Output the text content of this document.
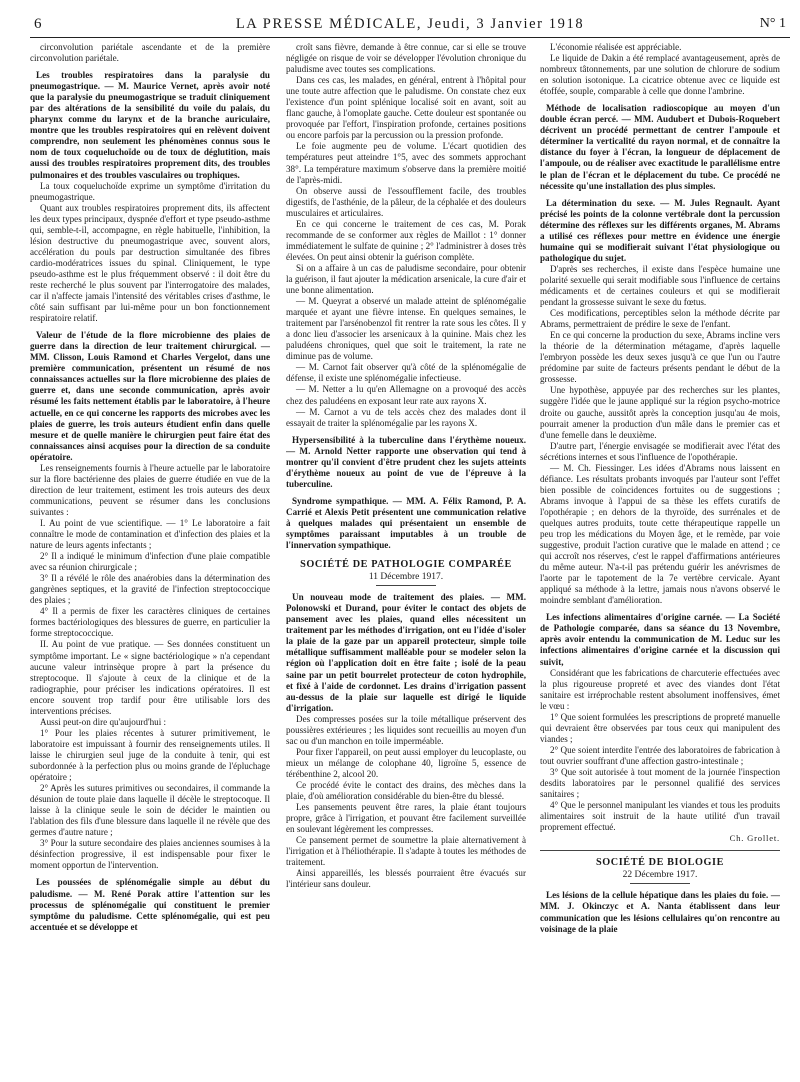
6	LA PRESSE MÉDICALE, Jeudi, 3 Janvier 1918	N° 1

circonvolution pariétale ascendante et de la première circonvolution pariétale.

Les troubles respiratoires dans la paralysie du pneumogastrique. — M. Maurice Vernet, après avoir noté que la paralysie du pneumogastrique se traduit cliniquement par des altérations de la sensibilité du voile du palais, du pharynx comme du larynx et de la branche auriculaire, montre que les troubles respiratoires qui en relèvent doivent comprendre, non seulement les phénomènes connus sous le nom de toux coqueluchoïde ou de toux de déglutition, mais aussi des troubles respiratoires proprement dits, des troubles pulmonaires et des troubles vasculaires ou trophiques.

La toux coqueluchoïde exprime un symptôme d'irritation du pneumogastrique.

Quant aux troubles respiratoires proprement dits, ils affectent les deux types principaux, dyspnée d'effort et type pseudo-asthme qui, semble-t-il, accompagne, en règle habituelle, l'inhibition, la lésion destructive du pneumogastrique avec, souvent alors, accélération du pouls par destruction simultanée des fibres cardio-modératrices issues du spinal. Cliniquement, le type pseudo-asthme est le plus fréquemment observé : il doit être du reste recherché le plus souvent par l'interrogatoire des malades, car il n'affecte jamais l'intensité des véritables crises d'asthme, le côté sain suffisant par lui-même pour un bon fonctionnement respiratoire relatif.

Valeur de l'étude de la flore microbienne des plaies de guerre dans la direction de leur traitement chirurgical. — MM. Clisson, Louis Ramond et Charles Vergelot, dans une première communication, présentent un résumé de nos connaissances actuelles sur la flore microbienne des plaies de guerre et, dans une seconde communication, après avoir résumé les faits nettement établis par le laboratoire, à l'heure actuelle, en ce qui concerne les rapports des microbes avec les plaies de guerre, les trois auteurs étudient enfin dans quelle mesure et de quelle manière le chirurgien peut faire état des connaissances ainsi acquises pour la direction de sa conduite opératoire.

Les renseignements fournis à l'heure actuelle par le laboratoire sur la flore bactérienne des plaies de guerre étudiée en vue de la direction de leur traitement, estiment les trois auteurs des deux communications, peuvent se résumer dans les conclusions suivantes :

I. Au point de vue scientifique. — 1° Le laboratoire a fait connaître le mode de contamination et d'infection des plaies et la nature de leurs agents infectants ;

2° Il a indiqué le minimum d'infection d'une plaie compatible avec sa réunion chirurgicale ;

3° Il a révélé le rôle des anaérobies dans la détermination des gangrènes septiques, et la gravité de l'infection streptococcique des plaies ;

4° Il a permis de fixer les caractères cliniques de certaines formes bactériologiques des blessures de guerre, en particulier la forme streptococcique.

II. Au point de vue pratique. — Ses données constituent un symptôme important. Le « signe bactériologique » n'a cependant aucune valeur intrinsèque propre à part la présence du streptocoque. Il s'ajoute à ceux de la clinique et de la radiographie, pour préciser les indications opératoires. Il est encore souvent trop tardif pour être utilisable lors des interventions précises.

Aussi peut-on dire qu'aujourd'hui :

1° Pour les plaies récentes à suturer primitivement, le laboratoire est impuissant à fournir des renseignements utiles. Il laisse le chirurgien seul juge de la conduite à tenir, qui est subordonnée à la perfection plus ou moins grande de l'épluchage opératoire ;

2° Après les sutures primitives ou secondaires, il commande la désunion de toute plaie dans laquelle il décèle le streptocoque. Il laisse à la clinique seule le soin de décider le maintien ou l'ablation des fils d'une blessure dans laquelle il ne révèle que des germes d'autre nature ;

3° Pour la suture secondaire des plaies anciennes soumises à la désinfection progressive, il est indispensable pour fixer le moment opportun de l'intervention.

Les poussées de splénomégalie simple au début du paludisme. — M. René Porak attire l'attention sur les processus de splénomégalie qui constituent le premier symptôme du paludisme. Cette splénomégalie, qui est peu accentuée et se développe et

croît sans fièvre, demande à être connue, car si elle se trouve négligée on risque de voir se développer l'évolution chronique du paludisme avec toutes ses complications.

Dans ces cas, les malades, en général, entrent à l'hôpital pour une toute autre affection que le paludisme. On constate chez eux l'existence d'un point splénique localisé soit en avant, soit au flanc gauche, à l'omoplate gauche. Cette douleur est spontanée ou provoquée par l'effort, l'inspiration profonde, certaines positions ou encore parfois par la percussion ou la pression profonde.

Le foie augmente peu de volume. L'écart quotidien des températures peut atteindre 1°5, avec des sommets approchant 38°. La température maximum s'observe dans la première moitié de l'après-midi.

On observe aussi de l'essoufflement facile, des troubles digestifs, de l'asthénie, de la pâleur, de la céphalée et des douleurs musculaires et articulaires.

En ce qui concerne le traitement de ces cas, M. Porak recommande de se conformer aux règles de Maillot : 1° donner immédiatement le sulfate de quinine ; 2° l'administrer à doses très élevées. On peut ainsi obtenir la guérison complète.

Si on a affaire à un cas de paludisme secondaire, pour obtenir la guérison, il faut ajouter la médication arsenicale, la cure d'air et une bonne alimentation.

— M. Queyrat a observé un malade atteint de splénomégalie marquée et ayant une fièvre intense. En quelques semaines, le traitement par l'arsénobenzol fit rentrer la rate sous les côtes. Il y a donc lieu d'associer les arsenicaux à la quinine. Mais chez les paludéens chroniques, quel que soit le traitement, la rate ne diminue pas de volume.

— M. Carnot fait observer qu'à côté de la splénomégalie de défense, il existe une splénomégalie infectieuse.

— M. Netter a lu qu'en Allemagne on a provoqué des accès chez des paludéens en exposant leur rate aux rayons X.

— M. Carnot a vu de tels accès chez des malades dont il essayait de traiter la splénomégalie par les rayons X.

Hypersensibilité à la tuberculine dans l'érythème noueux. — M. Arnold Netter rapporte une observation qui tend à montrer qu'il convient d'être prudent chez les sujets atteints d'érythème noueux au point de vue de l'épreuve à la tuberculine.

Syndrome sympathique. — MM. A. Félix Ramond, P. A. Carrié et Alexis Petit présentent une communication relative à quelques malades qui présentaient un ensemble de symptômes paraissant imputables à un trouble de l'innervation sympathique.

SOCIÉTÉ DE PATHOLOGIE COMPARÉE
11 Décembre 1917.

Un nouveau mode de traitement des plaies. — MM. Polonowski et Durand, pour éviter le contact des objets de pansement avec les plaies, quand elles nécessitent un traitement par les méthodes d'irrigation, ont eu l'idée d'isoler la plaie de la gaze par un appareil protecteur, simple toile métallique suffisamment malléable pour se modeler selon la région où l'application doit en être faite ; isolé de la peau saine par un petit bourrelet protecteur de coton hydrophile, et fixé à l'aide de cordonnet. Les drains d'irrigation passent au-dessus de la plaie sur laquelle est dirigé le liquide d'irrigation.

Des compresses posées sur la toile métallique préservent des poussières extérieures ; les liquides sont recueillis au moyen d'un sac ou d'un manchon en toile imperméable.

Pour fixer l'appareil, on peut aussi employer du leucoplaste, ou mieux un mélange de colophane 40, ligroïne 5, essence de térébenthine 2, alcool 20.

Ce procédé évite le contact des drains, des mèches dans la plaie, d'où amélioration considérable du bien-être du blessé.

Les pansements peuvent être rares, la plaie étant toujours propre, grâce à l'irrigation, et pouvant être facilement surveillée en soulevant légèrement les compresses.

Ce pansement permet de soumettre la plaie alternativement à l'irrigation et à l'héliothérapie. Il s'adapte à toutes les méthodes de traitement.

Ainsi appareillés, les blessés pourraient être évacués sur l'intérieur sans douleur.

L'économie réalisée est appréciable.

Le liquide de Dakin a été remplacé avantageusement, après de nombreux tâtonnements, par une solution de chlorure de sodium en solution isotonique. La cicatrice obtenue avec ce liquide est étoffée, souple, comparable à celle que donne l'ambrine.

Méthode de localisation radioscopique au moyen d'un double écran percé. — MM. Audubert et Dubois-Roquebert décrivent un procédé permettant de centrer l'ampoule et déterminer la verticalité du rayon normal, et de connaître la distance du foyer à l'écran, la longueur de déplacement de l'ampoule, ou de réaliser avec exactitude le parallélisme entre le plan de l'écran et le déplacement du tube. Ce procédé ne nécessite qu'une installation des plus simples.

La détermination du sexe. — M. Jules Regnault. Ayant précisé les points de la colonne vertébrale dont la percussion détermine des réflexes sur les différents organes, M. Abrams a utilisé ces réflexes pour mettre en évidence une énergie humaine qui se modifierait suivant l'état physiologique ou pathologique du sujet.

D'après ses recherches, il existe dans l'espèce humaine une polarité sexuelle qui serait modifiable sous l'influence de certains médicaments et de certaines couleurs et qui se modifierait pendant la grossesse suivant le sexe du fœtus.

Ces modifications, perceptibles selon la méthode décrite par Abrams, permettraient de prédire le sexe de l'enfant.

En ce qui concerne la production du sexe, Abrams incline vers la théorie de la détermination métagame, d'après laquelle l'embryon possède les deux sexes jusqu'à ce que l'un ou l'autre prédomine par suite de facteurs présents pendant le début de la grossesse.

Une hypothèse, appuyée par des recherches sur les plantes, suggère l'idée que le jaune appliqué sur la région psycho-motrice droite ou gauche, aussitôt après la conception jusqu'au 4e mois, pourrait amener la production d'un mâle dans le premier cas et d'une femelle dans le deuxième.

D'autre part, l'énergie envisagée se modifierait avec l'état des sécrétions internes et sous l'influence de l'opothérapie.

— M. Ch. Fiessinger. Les idées d'Abrams nous laissent en défiance. Les résultats probants invoqués par l'auteur sont l'effet bien possible de coïncidences fortuites ou de suggestions ; Abrams invoque à l'appui de sa thèse les effets curatifs de l'opothérapie ; en dehors de la thyroïde, des surrénales et de quelques autres produits, toute cette thérapeutique rappelle un peu trop les médications du Moyen âge, et le remède, par voie suggestive, produit l'action curative que le malade en attend ; ce qui accroît nos réserves, c'est le rappel d'affirmations antérieures du même auteur. N'a-t-il pas prétendu guérir les anévrismes de l'aorte par le tapotement de la 7e vertèbre cervicale. Ayant appliqué sa méthode à la lettre, jamais nous n'avons observé le moindre semblant d'amélioration.

Les infections alimentaires d'origine carnée. — La Société de Pathologie comparée, dans sa séance du 13 Novembre, après avoir entendu la communication de M. Leduc sur les infections alimentaires d'origine carnée et la discussion qui suivit,

Considérant que les fabrications de charcuterie effectuées avec la plus rigoureuse propreté et avec des viandes dont l'état sanitaire est irréprochable restent absolument inoffensives, émet le vœu :

1° Que soient formulées les prescriptions de propreté manuelle qui devraient être observées par tous ceux qui manipulent des viandes ;

2° Que soient interdite l'entrée des laboratoires de fabrication à tout ouvrier souffrant d'une affection gastro-intestinale ;

3° Que soit autorisée à tout moment de la journée l'inspection desdits laboratoires par le personnel qualifié des services sanitaires ;

4° Que le personnel manipulant les viandes et tous les produits alimentaires soit instruit de la haute utilité d'un travail proprement effectué.

Ch. Grollet.

SOCIÉTÉ DE BIOLOGIE
22 Décembre 1917.

Les lésions de la cellule hépatique dans les plaies du foie. — MM. J. Okinczyc et A. Nanta établissent dans leur communication que les lésions cellulaires qu'on rencontre au voisinage de la plaie
